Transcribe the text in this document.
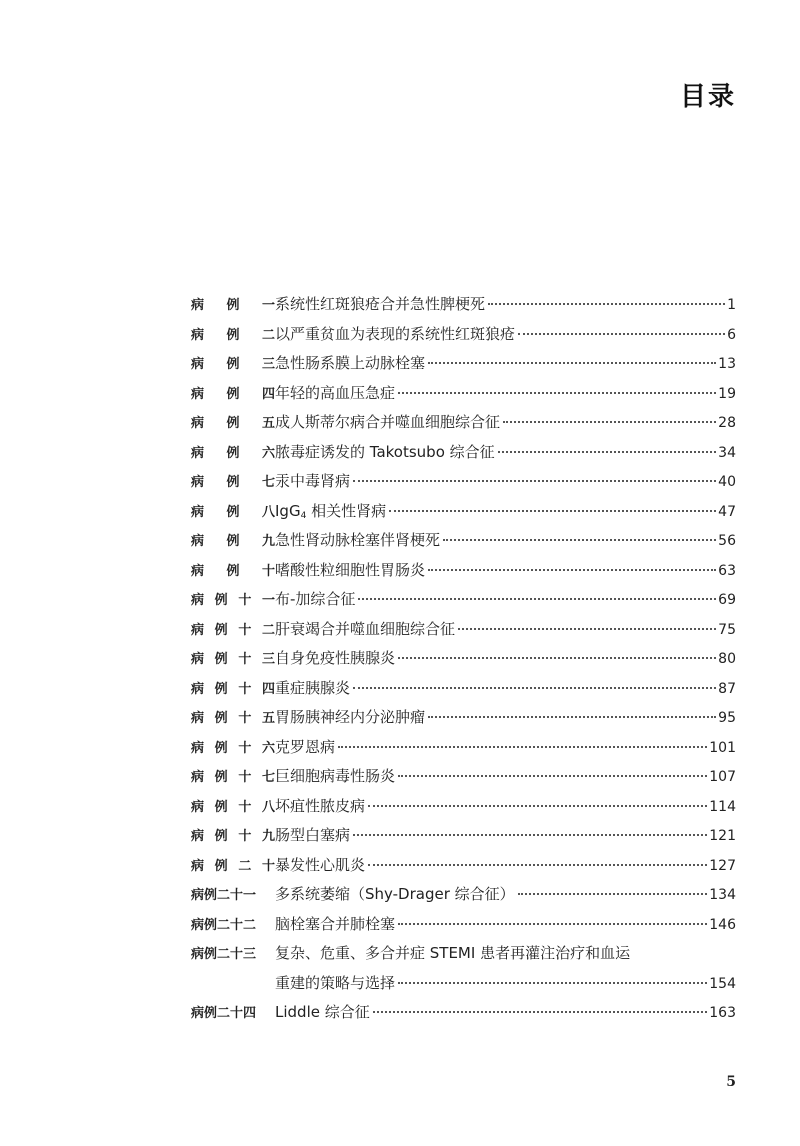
目录
病 例 一 系统性红斑狼疮合并急性脾梗死	1
病 例 二 以严重贫血为表现的系统性红斑狼疮	6
病 例 三 急性肠系膜上动脉栓塞	13
病 例 四 年轻的高血压急症	19
病 例 五 成人斯蒂尔病合并噬血细胞综合征	28
病 例 六 脓毒症诱发的 Takotsubo 综合征	34
病 例 七 汞中毒肾病	40
病 例 八 IgG$_4$ 相关性肾病	47
病 例 九 急性肾动脉栓塞伴肾梗死	56
病 例 十 嗜酸性粒细胞性胃肠炎	63
病 例 十 一 布-加综合征	69
病 例 十 二 肝衰竭合并噬血细胞综合征	75
病 例 十 三 自身免疫性胰腺炎	80
病 例 十 四 重症胰腺炎	87
病 例 十 五 胃肠胰神经内分泌肿瘤	95
病 例 十 六 克罗恩病	101
病 例 十 七 巨细胞病毒性肠炎	107
病 例 十 八 坏疽性脓皮病	114
病 例 十 九 肠型白塞病	121
病 例 二 十 暴发性心肌炎	127
病例二十一	多系统萎缩（Shy-Drager 综合征）	134
病例二十二	脑栓塞合并肺栓塞	146
病例二十三	复杂、危重、多合并症 STEMI 患者再灌注治疗和血运
重建的策略与选择	154
病例二十四	Liddle 综合征	163
5
